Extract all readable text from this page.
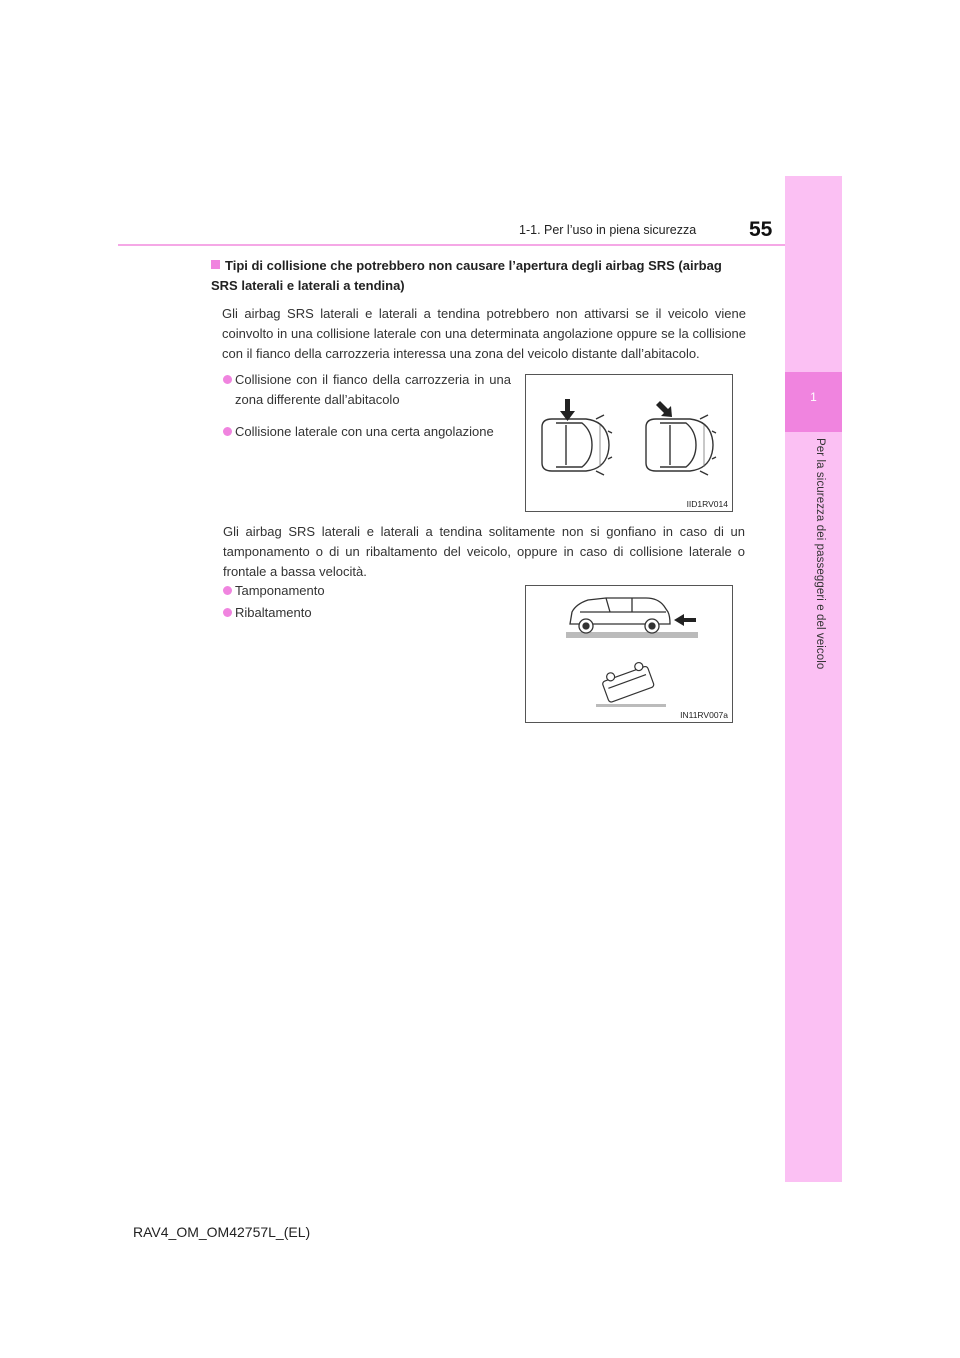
1-1. Per l’uso in piena sicurezza	55
1
Per la sicurezza dei passeggeri e del veicolo
Tipi di collisione che potrebbero non causare l’apertura degli airbag SRS (airbag SRS laterali e laterali a tendina)

Gli airbag SRS laterali e laterali a tendina potrebbero non attivarsi se il veicolo viene coinvolto in una collisione laterale con una determinata angolazione oppure se la collisione con il fianco della carrozzeria interessa una zona del veicolo distante dall’abitacolo.

Collisione con il fianco della carrozzeria in una zona differente dall’abitacolo
Collisione laterale con una certa angolazione
IID1RV014

Gli airbag SRS laterali e laterali a tendina solitamente non si gonfiano in caso di un tamponamento o di un ribaltamento del veicolo, oppure in caso di collisione laterale o frontale a bassa velocità.

Tamponamento
Ribaltamento
IN11RV007a
RAV4_OM_OM42757L_(EL)
